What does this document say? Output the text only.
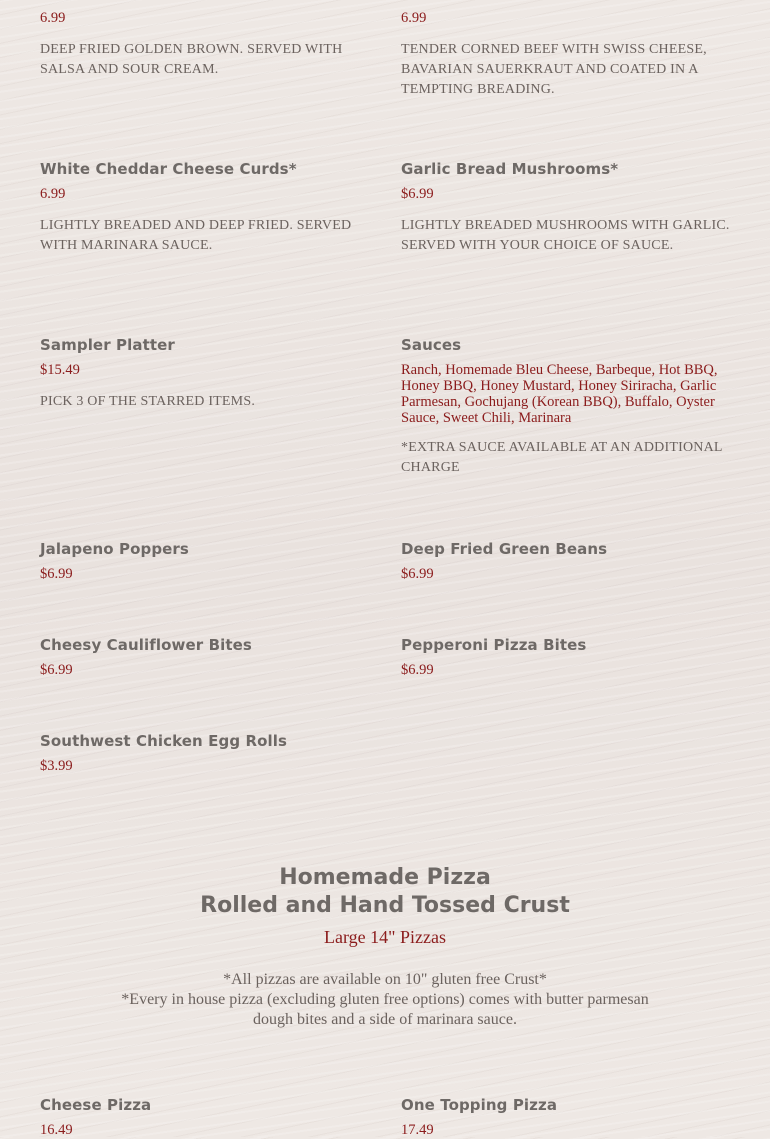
6.99
DEEP FRIED GOLDEN BROWN. SERVED WITH SALSA AND SOUR CREAM.
6.99
TENDER CORNED BEEF WITH SWISS CHEESE, BAVARIAN SAUERKRAUT AND COATED IN A TEMPTING BREADING.
White Cheddar Cheese Curds*
6.99
LIGHTLY BREADED AND DEEP FRIED. SERVED WITH MARINARA SAUCE.
Garlic Bread Mushrooms*
$6.99
LIGHTLY BREADED MUSHROOMS WITH GARLIC. SERVED WITH YOUR CHOICE OF SAUCE.
Sampler Platter
$15.49
PICK 3 OF THE STARRED ITEMS.
Sauces
Ranch, Homemade Bleu Cheese, Barbeque, Hot BBQ, Honey BBQ, Honey Mustard, Honey Siriracha, Garlic Parmesan, Gochujang (Korean BBQ), Buffalo, Oyster Sauce, Sweet Chili, Marinara
*EXTRA SAUCE AVAILABLE AT AN ADDITIONAL CHARGE
Jalapeno Poppers
$6.99
Deep Fried Green Beans
$6.99
Cheesy Cauliflower Bites
$6.99
Pepperoni Pizza Bites
$6.99
Southwest Chicken Egg Rolls
$3.99
Homemade Pizza
Rolled and Hand Tossed Crust
Large 14" Pizzas
*All pizzas are available on 10" gluten free Crust*
*Every in house pizza (excluding gluten free options) comes with butter parmesan dough bites and a side of marinara sauce.
Cheese Pizza
16.49
One Topping Pizza
17.49
